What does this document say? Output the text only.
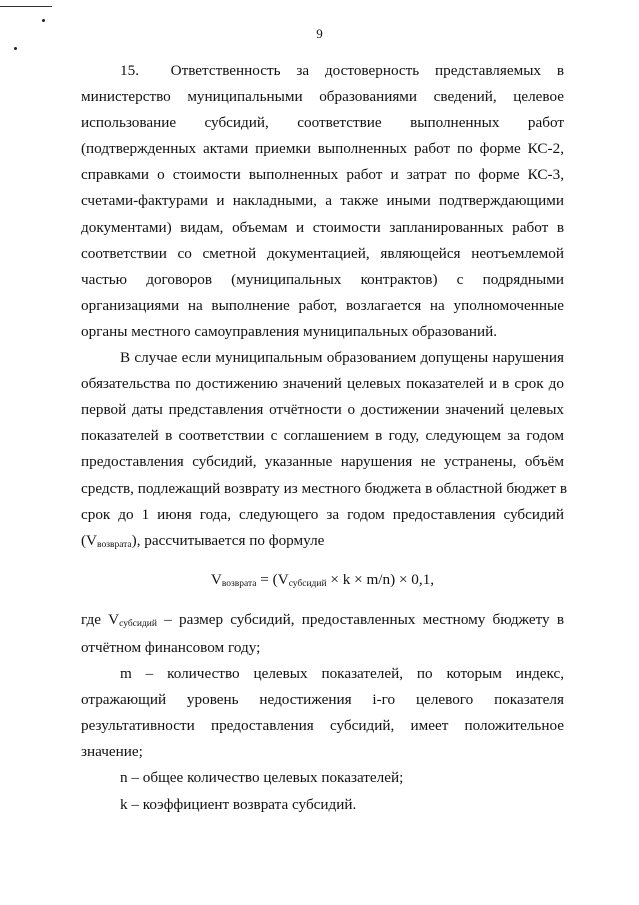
9

15.  Ответственность за достоверность представляемых в
министерство муниципальными образованиями сведений, целевое
использование субсидий, соответствие выполненных работ
(подтвержденных актами приемки выполненных работ по форме КС-2,
справками о стоимости выполненных работ и затрат по форме КС-3,
счетами-фактурами и накладными, а также иными подтверждающими
документами) видам, объемам и стоимости запланированных работ в
соответствии со сметной документацией, являющейся неотъемлемой
частью договоров (муниципальных контрактов) с подрядными
организациями на выполнение работ, возлагается на уполномоченные
органы местного самоуправления муниципальных образований.

В случае если муниципальным образованием допущены нарушения
обязательства по достижению значений целевых показателей и в срок до
первой даты представления отчётности о достижении значений целевых
показателей в соответствии с соглашением в году, следующем за годом
предоставления субсидий, указанные нарушения не устранены, объём
средств, подлежащий возврату из местного бюджета в областной бюджет в
срок до 1 июня года, следующего за годом предоставления субсидий
(Vвозврата), рассчитывается по формуле

Vвозврата = (Vсубсидий × k × m/n) × 0,1,

где Vсубсидий – размер субсидий, предоставленных местному бюджету в
отчётном финансовом году;

m – количество целевых показателей, по которым индекс,
отражающий уровень недостижения i-го целевого показателя
результативности предоставления субсидий, имеет положительное
значение;

n – общее количество целевых показателей;

k – коэффициент возврата субсидий.
